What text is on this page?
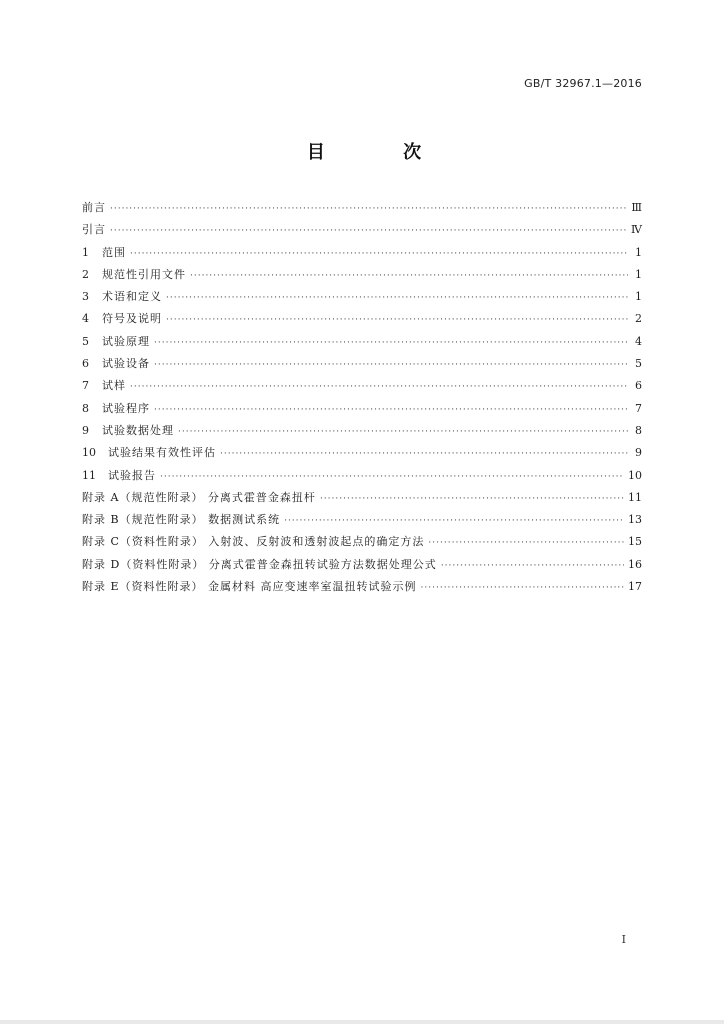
GB/T 32967.1—2016
目 次
前言 ·····	Ⅲ
引言 ·····	Ⅳ
1	范围 ·····	1
2	规范性引用文件 ·····	1
3	术语和定义 ·····	1
4	符号及说明 ·····	2
5	试验原理 ·····	4
6	试验设备 ·····	5
7	试样 ·····	6
8	试验程序 ·····	7
9	试验数据处理 ·····	8
10	试验结果有效性评估 ·····	9
11	试验报告 ·····	10
附录 A（规范性附录） 分离式霍普金森扭杆 ·····	11
附录 B（规范性附录） 数据测试系统 ·····	13
附录 C（资料性附录） 入射波、反射波和透射波起点的确定方法 ·····	15
附录 D（资料性附录） 分离式霍普金森扭转试验方法数据处理公式 ·····	16
附录 E（资料性附录） 金属材料 高应变速率室温扭转试验示例 ·····	17
I
